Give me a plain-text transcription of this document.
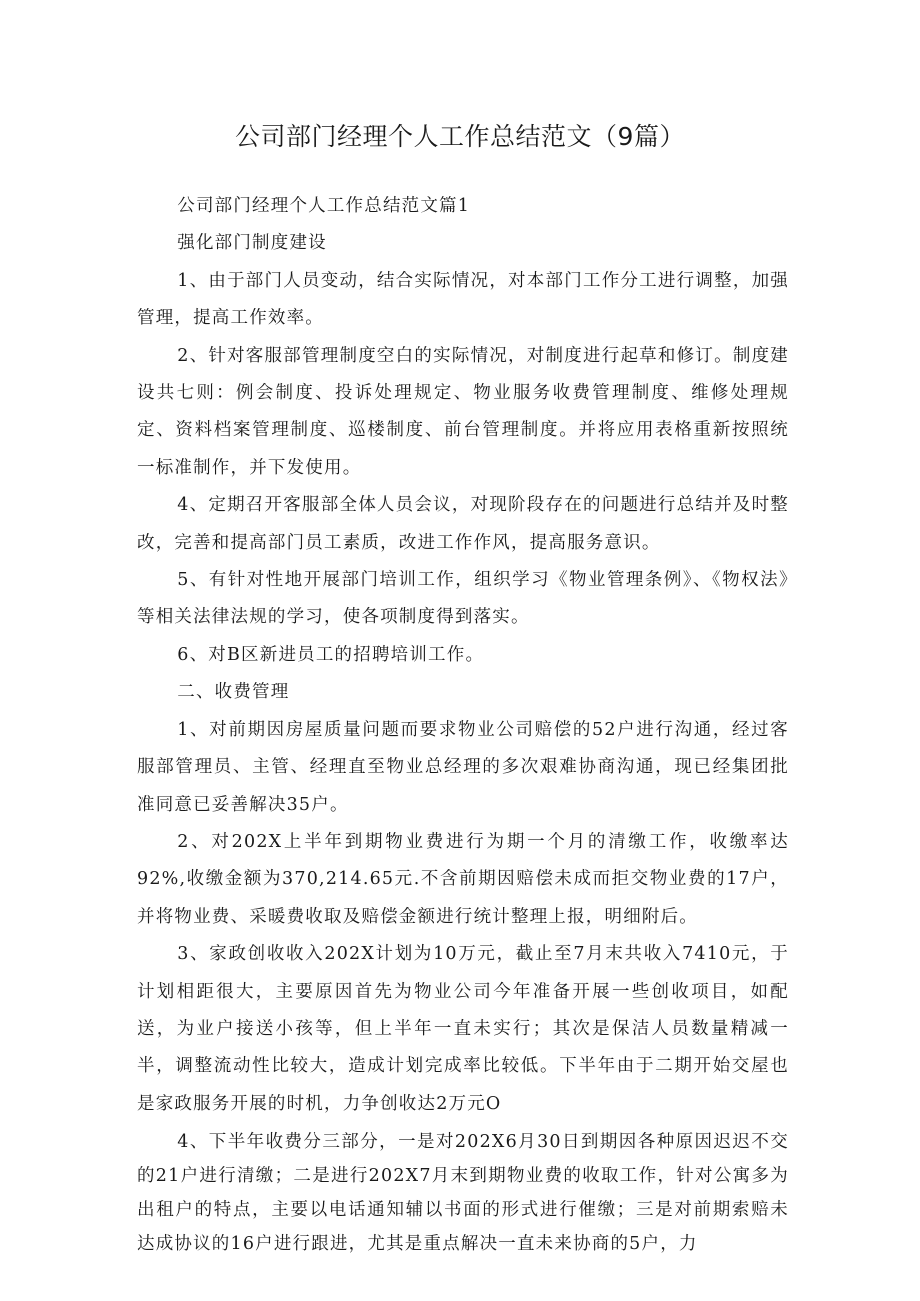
公司部门经理个人工作总结范文（9篇）

公司部门经理个人工作总结范文篇1

强化部门制度建设

1、由于部门人员变动，结合实际情况，对本部门工作分工进行调整，加强管理，提高工作效率。

2、针对客服部管理制度空白的实际情况，对制度进行起草和修订。制度建设共七则：例会制度、投诉处理规定、物业服务收费管理制度、维修处理规定、资料档案管理制度、巡楼制度、前台管理制度。并将应用表格重新按照统一标准制作，并下发使用。

4、定期召开客服部全体人员会议，对现阶段存在的问题进行总结并及时整改，完善和提高部门员工素质，改进工作作风，提高服务意识。

5、有针对性地开展部门培训工作，组织学习《物业管理条例》、《物权法》等相关法律法规的学习，使各项制度得到落实。

6、对B区新进员工的招聘培训工作。

二、收费管理

1、对前期因房屋质量问题而要求物业公司赔偿的52户进行沟通，经过客服部管理员、主管、经理直至物业总经理的多次艰难协商沟通，现已经集团批准同意已妥善解决35户。

2、对202X上半年到期物业费进行为期一个月的清缴工作，收缴率达92%,收缴金额为370,214.65元.不含前期因赔偿未成而拒交物业费的17户，并将物业费、采暖费收取及赔偿金额进行统计整理上报，明细附后。

3、家政创收收入202X计划为10万元，截止至7月末共收入7410元，于计划相距很大，主要原因首先为物业公司今年准备开展一些创收项目，如配送，为业户接送小孩等，但上半年一直未实行；其次是保洁人员数量精减一半，调整流动性比较大，造成计划完成率比较低。下半年由于二期开始交屋也是家政服务开展的时机，力争创收达2万元O

4、下半年收费分三部分，一是对202X6月30日到期因各种原因迟迟不交的21户进行清缴；二是进行202X7月末到期物业费的收取工作，针对公寓多为出租户的特点，主要以电话通知辅以书面的形式进行催缴；三是对前期索赔未达成协议的16户进行跟进，尤其是重点解决一直未来协商的5户，力
